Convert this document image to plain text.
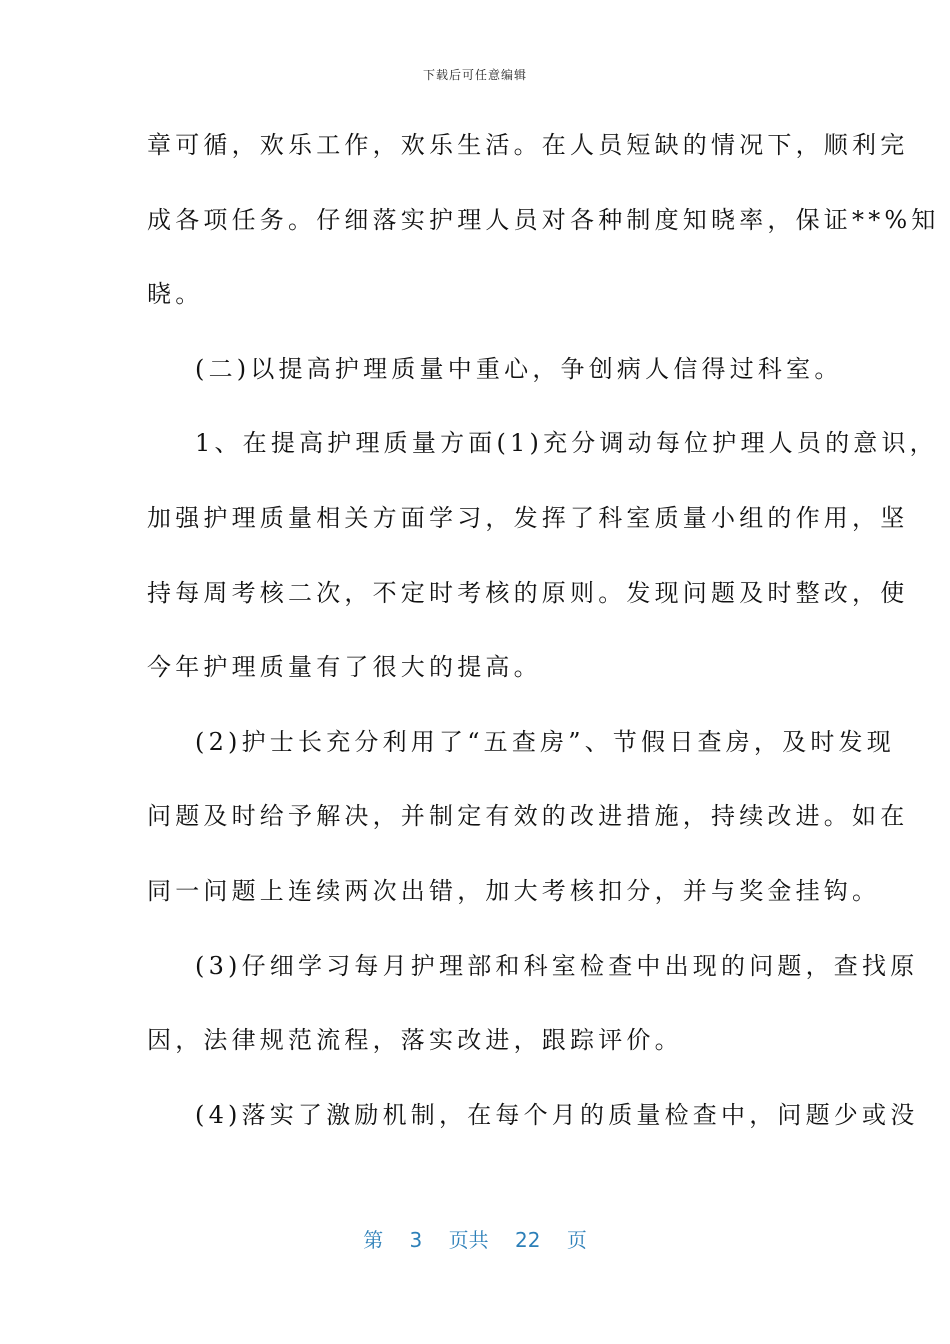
下载后可任意编辑
章可循，欢乐工作，欢乐生活。在人员短缺的情况下，顺利完
成各项任务。仔细落实护理人员对各种制度知晓率，保证**%知
晓。
(二)以提高护理质量中重心，争创病人信得过科室。
1、在提高护理质量方面(1)充分调动每位护理人员的意识，
加强护理质量相关方面学习，发挥了科室质量小组的作用，坚
持每周考核二次，不定时考核的原则。发现问题及时整改，使
今年护理质量有了很大的提高。
(2)护士长充分利用了“五查房”、节假日查房，及时发现
问题及时给予解决，并制定有效的改进措施，持续改进。如在
同一问题上连续两次出错，加大考核扣分，并与奖金挂钩。
(3)仔细学习每月护理部和科室检查中出现的问题，查找原
因，法律规范流程，落实改进，跟踪评价。
(4)落实了激励机制，在每个月的质量检查中，问题少或没
第 3 页共 22 页
